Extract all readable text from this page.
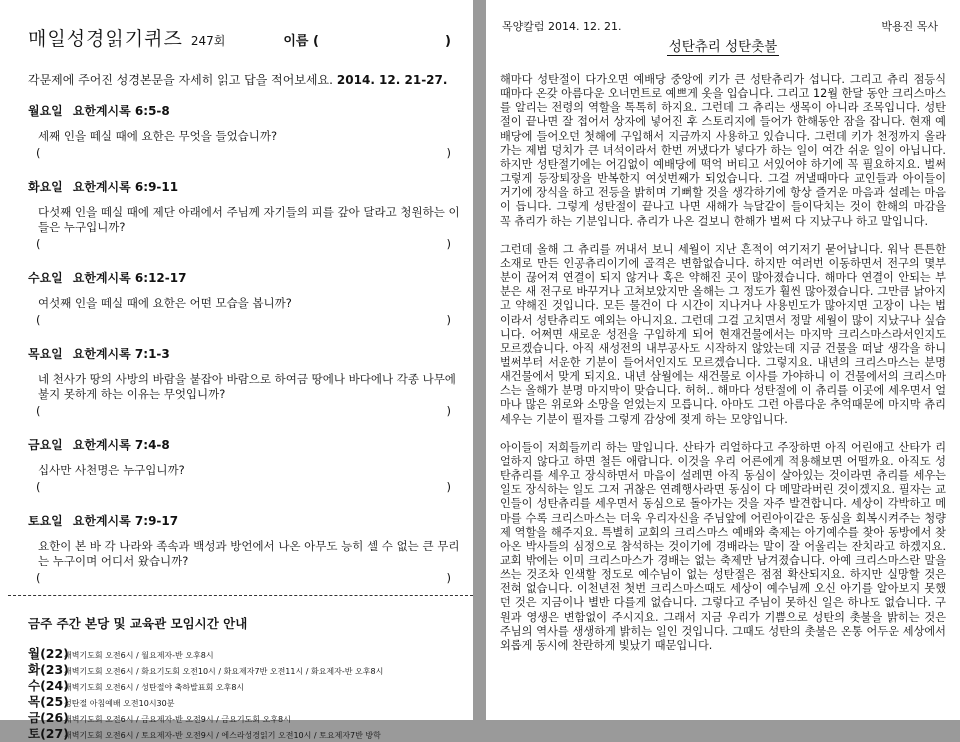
매일성경읽기퀴즈 247회	이름 (	)
각문제에 주어진 성경본문을 자세히 읽고 답을 적어보세요. 2014. 12. 21-27.
월요일 요한계시록 6:5-8
세째 인을 떼실 때에 요한은 무엇을 들었습니까?
(	)
화요일 요한계시록 6:9-11
다섯째 인을 떼실 때에 제단 아래에서 주님께 자기들의 피를 갚아 달라고 청원하는 이들은 누구입니까?
(	)
수요일 요한계시록 6:12-17
여섯째 인을 떼실 때에 요한은 어떤 모습을 봅니까?
(	)
목요일 요한계시록 7:1-3
네 천사가 땅의 사방의 바람을 붙잡아 바람으로 하여금 땅에나 바다에나 각종 나무에 불지 못하게 하는 이유는 무엇입니까?
(	)
금요일 요한계시록 7:4-8
십사만 사천명은 누구입니까?
(	)
토요일 요한계시록 7:9-17
요한이 본 바 각 나라와 족속과 백성과 방언에서 나온 아무도 능히 셀 수 없는 큰 무리는 누구이며 어디서 왔습니까?
(	)
금주 주간 본당 및 교육관 모임시간 안내
월(22)
새벽기도회 오전6시 / 월요제자-반 오후8시
화(23)
새벽기도회 오전6시 / 화요기도회 오전10시 / 화요제자7반 오전11시 / 화요제자-반 오후8시
수(24)
새벽기도회 오전6시 / 성탄절야 축하발표회 오후8시
목(25)
성탄절 아침예배 오전10시30분
금(26)
새벽기도회 오전6시 / 금요제자-반 오전9시 / 금요기도회 오후8시
토(27)
새벽기도회 오전6시 / 토요제자-반 오전9시 / 에스라성경읽기 오전10시 / 토요제자7반 방학
목양칼럼 2014. 12. 21.	박용진 목사
성탄츄리 성탄촛불

해마다 성탄절이 다가오면 예배당 중앙에 키가 큰 성탄츄리가 섭니다. 그리고 츄리 점등식 때마다 온갖 아름다운 오너먼트로 예쁘게 옷을 입습니다. 그리고 12월 한달 동안 크리스마스를 알리는 전령의 역할을 톡톡히 하지요. 그런데 그 츄리는 생목이 아니라 조목입니다. 성탄절이 끝나면 잘 접어서 상자에 넣어진 후 스토리지에 들어가 한해동안 잠을 잡니다. 현재 예배당에 들어오던 첫해에 구입해서 지금까지 사용하고 있습니다. 그런데 키가 천정까지 올라가는 제법 덩치가 큰 녀석이라서 한번 꺼냈다가 넣다가 하는 일이 여간 쉬운 일이 아닙니다. 하지만 성탄절기에는 어김없이 예배당에 떡억 버티고 서있어야 하기에 꼭 필요하지요. 벌써 그렇게 등장퇴장을 반복한지 여섯번째가 되었습니다. 그걸 꺼낼때마다 교인들과 아이들이 거기에 장식을 하고 전등을 밝히며 기뻐할 것을 생각하기에 항상 즐거운 마음과 설레는 마음이 듭니다. 그렇게 성탄절이 끝나고 나면 새해가 늑달같이 들이닥치는 것이 한해의 마감을 꼭 츄리가 하는 기분입니다. 츄리가 나온 걸보니 한해가 벌써 다 지났구나 하고 말입니다.

그런데 올해 그 츄리를 꺼내서 보니 세월이 지난 흔적이 여기저기 묻어납니다. 워낙 튼튼한 소재로 만든 인공츄리이기에 골격은 변함없습니다. 하지만 여러번 이동하면서 전구의 몇부분이 끊어져 연결이 되지 않거나 혹은 약해진 곳이 많아졌습니다. 해마다 연결이 안되는 부분은 새 전구로 바꾸거나 고쳐보았지만 올해는 그 정도가 훨씬 많아졌습니다. 그만큼 낡아지고 약해진 것입니다. 모든 물건이 다 시간이 지나거나 사용빈도가 많아지면 고장이 나는 법이라서 성탄츄리도 예외는 아니지요. 그런데 그걸 고치면서 정말 세월이 많이 지났구나 싶습니다. 어쩌면 새로운 성전을 구입하게 되어 현재건물에서는 마지막 크리스마스라서인지도 모르겠습니다. 아직 새성전의 내부공사도 시작하지 않았는데 지금 건물을 떠날 생각을 하니 벌써부터 서운한 기분이 들어서인지도 모르겠습니다. 그렇지요. 내년의 크리스마스는 분명 새건물에서 맞게 되지요. 내년 삼월에는 새건물로 이사를 가야하니 이 건물에서의 크리스마스는 올해가 분명 마지막이 맞습니다. 허허.. 해마다 성탄절에 이 츄리를 이곳에 세우면서 얼마나 많은 위로와 소망을 얻었는지 모릅니다. 아마도 그런 아름다운 추억때문에 마지막 츄리세우는 기분이 필자를 그렇게 감상에 젖게 하는 모양입니다.

아이들이 저희들끼리 하는 말입니다. 산타가 리얼하다고 주장하면 아직 어린애고 산타가 리얼하지 않다고 하면 철든 애랍니다. 이것을 우리 어른에게 적용해보면 어떨까요. 아직도 성탄츄리를 세우고 장식하면서 마음이 설레면 아직 동심이 살아있는 것이라면 츄리를 세우는 일도 장식하는 일도 그저 귀찮은 연례행사라면 동심이 다 메말라버린 것이겠지요. 필자는 교인들이 성탄츄리를 세우면서 동심으로 돌아가는 것을 자주 발견합니다. 세상이 각박하고 메마를 수록 크리스마스는 더욱 우리자신을 주님앞에 어린아이같은 동심을 회복시켜주는 청량제 역할을 해주지요. 특별히 교회의 크리스마스 예배와 축제는 아기예수를 찾아 동방에서 찾아온 박사들의 심정으로 참석하는 것이기에 경배라는 말이 잘 어울리는 잔치라고 하겠지요. 교회 밖에는 이미 크리스마스가 경배는 없는 축제만 남겨졌습니다. 아예 크리스마스란 말을 쓰는 것조차 인색할 정도로 예수님이 없는 성탄절은 점점 확산되지요. 하지만 실망할 것은 전혀 없습니다. 이천년전 첫번 크리스마스때도 세상이 예수님께 오신 아기를 알아보지 못했던 것은 지금이나 별반 다를게 없습니다. 그렇다고 주님이 못하신 일은 하나도 없습니다. 구원과 영생은 변함없이 주시지요. 그래서 지금 우리가 기쁨으로 성탄의 촛불을 밝히는 것은 주님의 역사를 생생하게 밝히는 일인 것입니다. 그때도 성탄의 촛불은 온통 어두운 세상에서 외롭게 동시에 찬란하게 빛났기 때문입니다.
